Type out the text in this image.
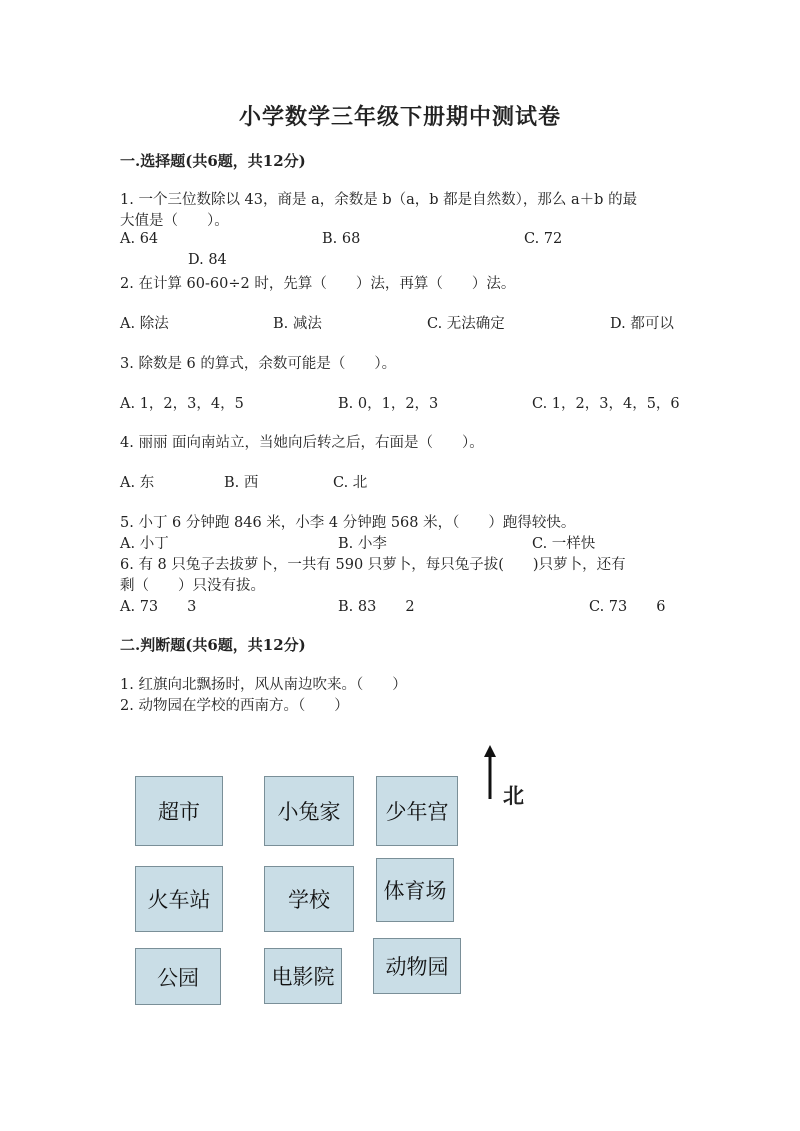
小学数学三年级下册期中测试卷
一.选择题(共6题，共12分)
1. 一个三位数除以 43，商是 a，余数是 b（a，b 都是自然数），那么 a＋b 的最
大值是（　　）。
A. 64	B. 68	C. 72
D. 84
2. 在计算 60-60÷2 时，先算（　　）法，再算（　　）法。
A. 除法	B. 减法	C. 无法确定	D. 都可以
3. 除数是 6 的算式，余数可能是（　　）。
A. 1，2，3，4，5	B. 0，1，2，3	C. 1，2，3，4，5，6
4. 丽丽 面向南站立，当她向后转之后，右面是（　　）。
A. 东	B. 西	C. 北
5. 小丁 6 分钟跑 846 米，小李 4 分钟跑 568 米，（　　）跑得较快。
A. 小丁	B. 小李	C. 一样快
6. 有 8 只兔子去拔萝卜，一共有 590 只萝卜，每只兔子拔(　　)只萝卜，还有
剩（　　）只没有拔。
A. 73　　3	B. 83　　2	C. 73　　6
二.判断题(共6题，共12分)
1. 红旗向北飘扬时，风从南边吹来。（　　）
2. 动物园在学校的西南方。（　　）
北
超市	小兔家	少年宫
火车站	学校	体育场
公园	电影院	动物园
